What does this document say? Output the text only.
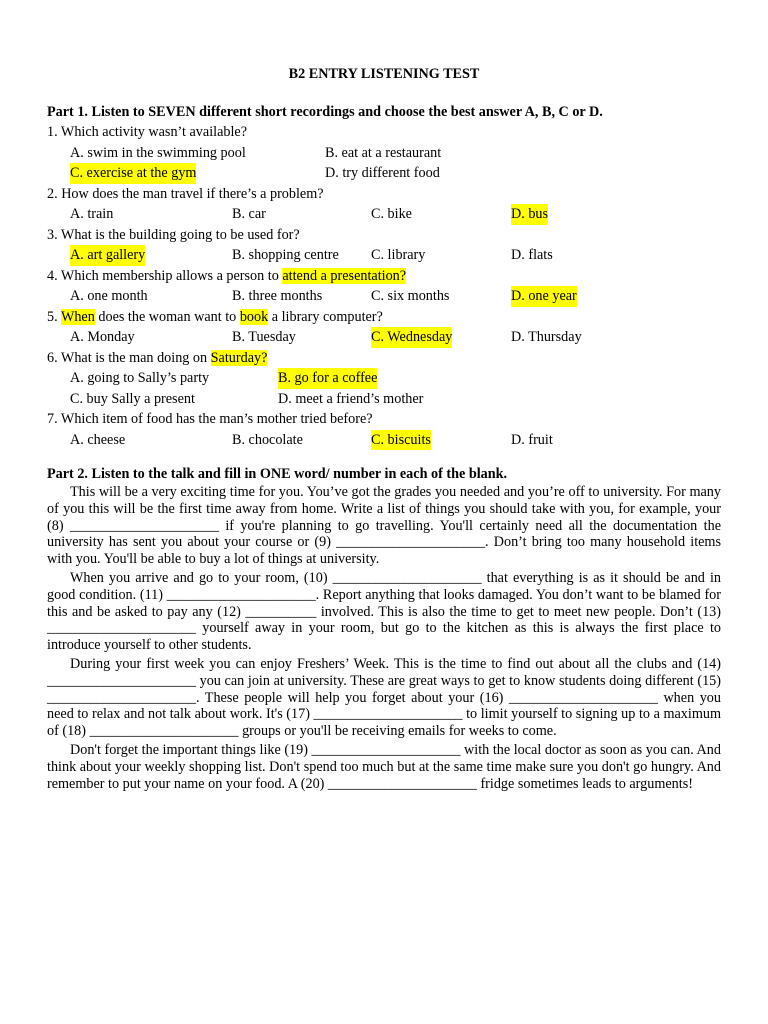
B2 ENTRY LISTENING TEST
Part 1. Listen to SEVEN different short recordings and choose the best answer A, B, C or D.
1. Which activity wasn’t available?
A. swim in the swimming pool	B. eat at a restaurant
C. exercise at the gym	D. try different food
2. How does the man travel if there’s a problem?
A. train	B. car	C. bike	D. bus
3. What is the building going to be used for?
A. art gallery	B. shopping centre C. library	D. flats
4. Which membership allows a person to attend a presentation?
A. one month	B. three months	C. six months	D. one year
5. When does the woman want to book a library computer?
A. Monday	B. Tuesday	C. Wednesday	D. Thursday
6. What is the man doing on Saturday?
A. going to Sally’s party	B. go for a coffee
C. buy Sally a present	D. meet a friend’s mother
7. Which item of food has the man’s mother tried before?
A. cheese	B. chocolate	C. biscuits	D. fruit
Part 2. Listen to the talk and fill in ONE word/ number in each of the blank.

This will be a very exciting time for you. You’ve got the grades you needed and you’re off to university. For many of you this will be the first time away from home. Write a list of things you should take with you, for example, your (8) _____________________ if you're planning to go travelling. You'll certainly need all the documentation the university has sent you about your course or (9) _____________________. Don’t bring too many household items with you. You'll be able to buy a lot of things at university.

When you arrive and go to your room, (10) _____________________ that everything is as it should be and in good condition. (11) _____________________. Report anything that looks damaged. You don’t want to be blamed for this and be asked to pay any (12) __________ involved. This is also the time to get to meet new people. Don’t (13) _____________________ yourself away in your room, but go to the kitchen as this is always the first place to introduce yourself to other students.

During your first week you can enjoy Freshers’ Week. This is the time to find out about all the clubs and (14) _____________________ you can join at university. These are great ways to get to know students doing different (15) _____________________. These people will help you forget about your (16) _____________________ when you need to relax and not talk about work. It's (17) _____________________ to limit yourself to signing up to a maximum of (18) _____________________ groups or you'll be receiving emails for weeks to come.

Don't forget the important things like (19) _____________________ with the local doctor as soon as you can. And think about your weekly shopping list. Don't spend too much but at the same time make sure you don't go hungry. And remember to put your name on your food. A (20) _____________________ fridge sometimes leads to arguments!
